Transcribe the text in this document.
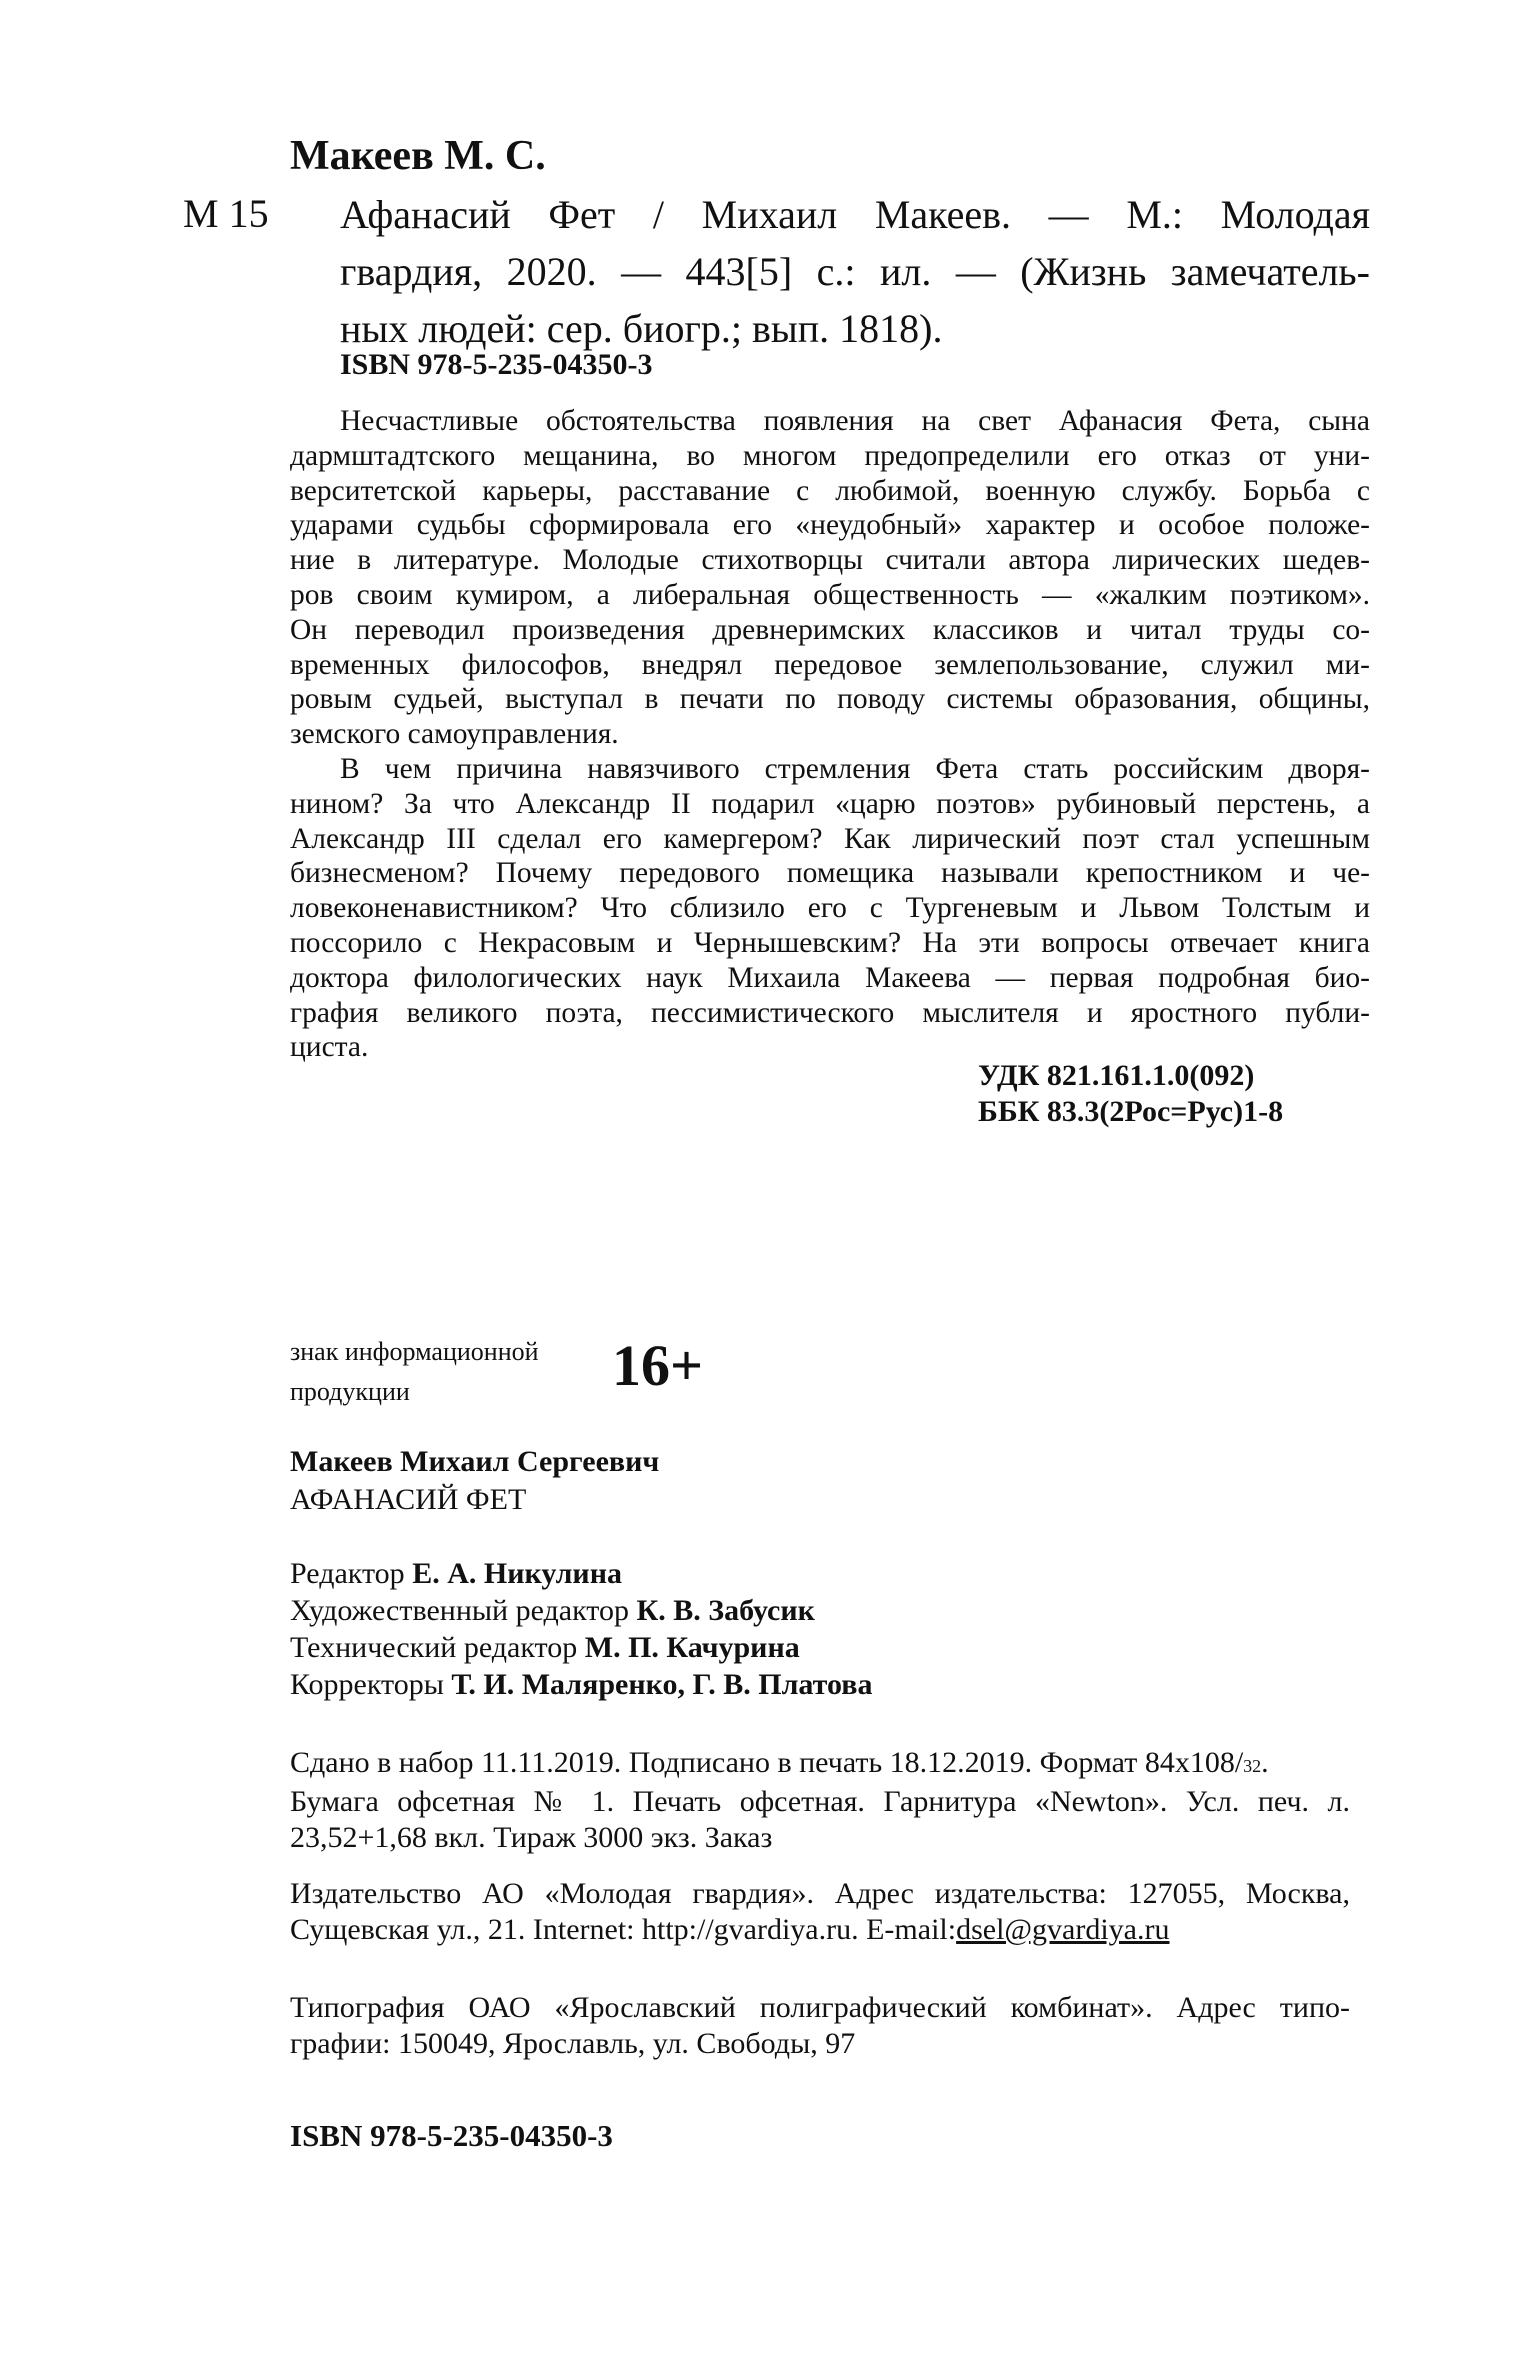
Макеев М. С.
М 15 Афанасий Фет / Михаил Макеев. — М.: Молодая
гвардия, 2020. — 443[5] с.: ил. — (Жизнь замечатель-
ных людей: сер. биогр.; вып. 1818).
ISBN 978-5-235-04350-3
Несчастливые обстоятельства появления на свет Афанасия Фета, сына
дармштадтского мещанина, во многом предопределили его отказ от уни-
верситетской карьеры, расставание с любимой, военную службу. Борьба с
ударами судьбы сформировала его «неудобный» характер и особое положе-
ние в литературе. Молодые стихотворцы считали автора лирических шедев-
ров своим кумиром, а либеральная общественность — «жалким поэтиком».
Он переводил произведения древнеримских классиков и читал труды со-
временных философов, внедрял передовое землепользование, служил ми-
ровым судьей, выступал в печати по поводу системы образования, общины,
земского самоуправления.
В чем причина навязчивого стремления Фета стать российским дворя-
нином? За что Александр II подарил «царю поэтов» рубиновый перстень, а
Александр III сделал его камергером? Как лирический поэт стал успешным
бизнесменом? Почему передового помещика называли крепостником и че-
ловеконенавистником? Что сблизило его с Тургеневым и Львом Толстым и
поссорило с Некрасовым и Чернышевским? На эти вопросы отвечает книга
доктора филологических наук Михаила Макеева — первая подробная био-
графия великого поэта, пессимистического мыслителя и яростного публи-
циста.
УДК 821.161.1.0(092)
ББК 83.3(2Рос=Рус)1-8
знак информационной
продукции	16+
Макеев Михаил Сергеевич
АФАНАСИЙ ФЕТ
Редактор Е. А. Никулина
Художественный редактор К. В. Забусик
Технический редактор М. П. Качурина
Корректоры Т. И. Маляренко, Г. В. Платова
Сдано в набор 11.11.2019. Подписано в печать 18.12.2019. Формат 84х108/32.
Бумага офсетная № 1. Печать офсетная. Гарнитура «Newton». Усл. печ. л.
23,52+1,68 вкл. Тираж 3000 экз. Заказ
Издательство АО «Молодая гвардия». Адрес издательства: 127055, Москва,
Сущевская ул., 21. Internet: http://gvardiya.ru. E-mail:dsel@gvardiya.ru
Типография ОАО «Ярославский полиграфический комбинат». Адрес типо-
графии: 150049, Ярославль, ул. Свободы, 97
ISBN 978-5-235-04350-3
